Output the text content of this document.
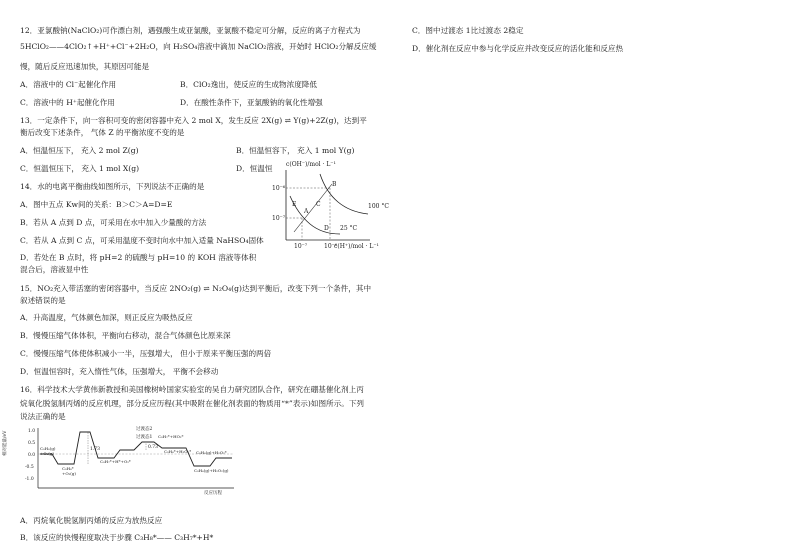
12．亚氯酸钠(NaClO₂)可作漂白剂，遇强酸生成亚氯酸，亚氯酸不稳定可分解，反应的离子方程式为
5HClO₂——4ClO₂↑+H⁺+Cl⁻+2H₂O，向 H₂SO₄溶液中滴加 NaClO₂溶液，开始时 HClO₂分解反应缓
慢，随后反应迅速加快，其原因可能是
A．溶液中的 Cl⁻起催化作用	B．ClO₂逸出，使反应的生成物浓度降低
C．溶液中的 H⁺起催化作用	D．在酸性条件下，亚氯酸钠的氧化性增强
13．一定条件下，向一容积可变的密闭容器中充入 2 mol X，发生反应 2X(g) ⇌ Y(g)+2Z(g)，达到平
衡后改变下述条件， 气体 Z 的平衡浓度不变的是
A．恒温恒压下， 充入 2 mol Z(g)	B．恒温恒容下， 充入 1 mol Y(g)
C．恒温恒压下， 充入 1 mol X(g)	D．恒温恒
14．水的电离平衡曲线如图所示，下列说法不正确的是
A．图中五点 Kw间的关系：B＞C＞A=D=E
B．若从 A 点到 D 点，可采用在水中加入少量酸的方法
C．若从 A 点到 C 点，可采用温度不变时向水中加入适量 NaHSO₄固体
D．若处在 B 点时，将 pH=2 的硫酸与 pH=10 的 KOH 溶液等体积
混合后，溶液显中性
c(OH⁻)/mol · L⁻¹
10⁻⁶
10⁻⁷
10⁻⁷	10⁻⁶
c(H⁺)/mol · L⁻¹
A
B
C
D
E	100 °C
25 °C
15．NO₂充入带活塞的密闭容器中，当反应 2NO₂(g) ⇌ N₂O₄(g)达到平衡后，改变下列一个条件，其中
叙述错误的是
A．升高温度，气体颜色加深，则正反应为吸热反应
B．慢慢压缩气体体积，平衡向右移动，混合气体颜色比原来深
C．慢慢压缩气体使体积减小一半，压强增大， 但小于原来平衡压强的两倍
D．恒温恒容时，充入惰性气体，压强增大， 平衡不会移动
16．科学技术大学黄伟新教授和美国橡树岭国家实验室的吴自力研究团队合作，研究在硼基催化剂上丙
烷氧化脱氢制丙烯的反应机理，部分反应历程(其中吸附在催化剂表面的物质用“*”表示)如图所示。下列
说法正确的是
相对能量/eV	1.0
0.5
0.0
-0.5
-1.0
1.73	0.73
过渡态1
过渡态2
C₃H₈(g)
+O₂(g)
C₃H₈*
+O₂(g)
C₃H₇*+H*+O₂*
C₃H₇*+HO₂*
C₃H₆*+H₂O₂*
C₃H₆(g)+H₂O₂(g)
C₃H₆(g)+H₂O₂*
反应历程
A．丙烷氧化脱氢制丙烯的反应为放热反应
B．该反应的快慢程度取决于步骤 C₃H₈*—— C₃H₇*+H*
C．图中过渡态 1比过渡态 2稳定
D．催化剂在反应中参与化学反应并改变反应的活化能和反应热
